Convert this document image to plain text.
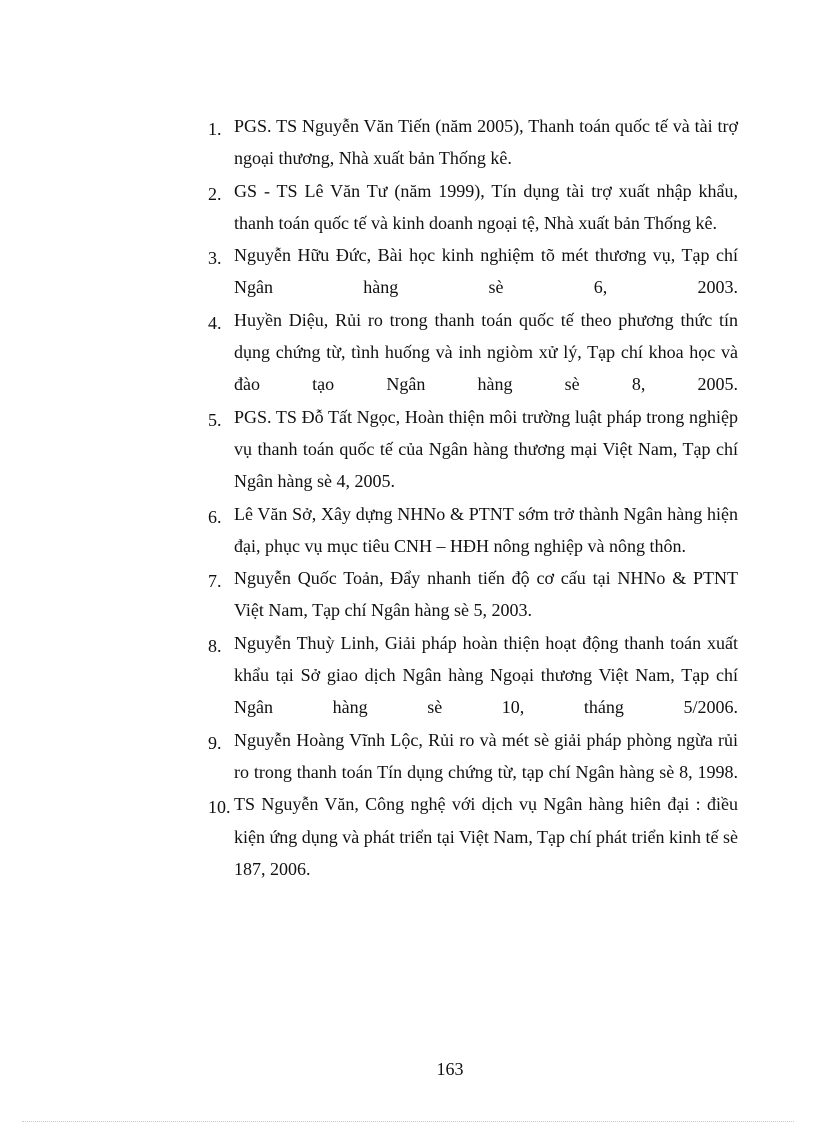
1. PGS. TS Nguyễn Văn Tiến (năm 2005), Thanh toán quốc tế và tài trợ ngoại thương, Nhà xuất bản Thống kê.
2. GS - TS Lê Văn Tư (năm 1999), Tín dụng tài trợ xuất nhập khẩu, thanh toán quốc tế và kinh doanh ngoại tệ, Nhà xuất bản Thống kê.
3. Nguyễn Hữu Đức, Bài học kinh nghiệm tõ mét thương vụ, Tạp chí Ngân hàng sè 6, 2003.
4. Huyền Diệu, Rủi ro trong thanh toán quốc tế theo phương thức tín dụng chứng từ, tình huống và inh ngiòm xử lý, Tạp chí khoa học và đào tạo Ngân hàng sè 8, 2005.
5. PGS. TS Đỗ Tất Ngọc, Hoàn thiện môi trường luật pháp trong nghiệp vụ thanh toán quốc tế của Ngân hàng thương mại Việt Nam, Tạp chí Ngân hàng sè 4, 2005.
6. Lê Văn Sở, Xây dựng NHNo & PTNT sớm trở thành Ngân hàng hiện đại, phục vụ mục tiêu CNH – HĐH nông nghiệp và nông thôn.
7. Nguyễn Quốc Toản, Đẩy nhanh tiến độ cơ cấu tại NHNo & PTNT Việt Nam, Tạp chí Ngân hàng sè 5, 2003.
8. Nguyễn Thuỳ Linh, Giải pháp hoàn thiện hoạt động thanh toán xuất khẩu tại Sở giao dịch Ngân hàng Ngoại thương Việt Nam, Tạp chí Ngân hàng sè 10, tháng 5/2006.
9. Nguyễn Hoàng Vĩnh Lộc, Rủi ro và mét sè giải pháp phòng ngừa rủi ro trong thanh toán Tín dụng chứng từ, tạp chí Ngân hàng sè 8, 1998.
10. TS Nguyễn Văn, Công nghệ với dịch vụ Ngân hàng hiên đại : điều kiện ứng dụng và phát triển tại Việt Nam, Tạp chí phát triển kinh tế sè 187, 2006.
163
